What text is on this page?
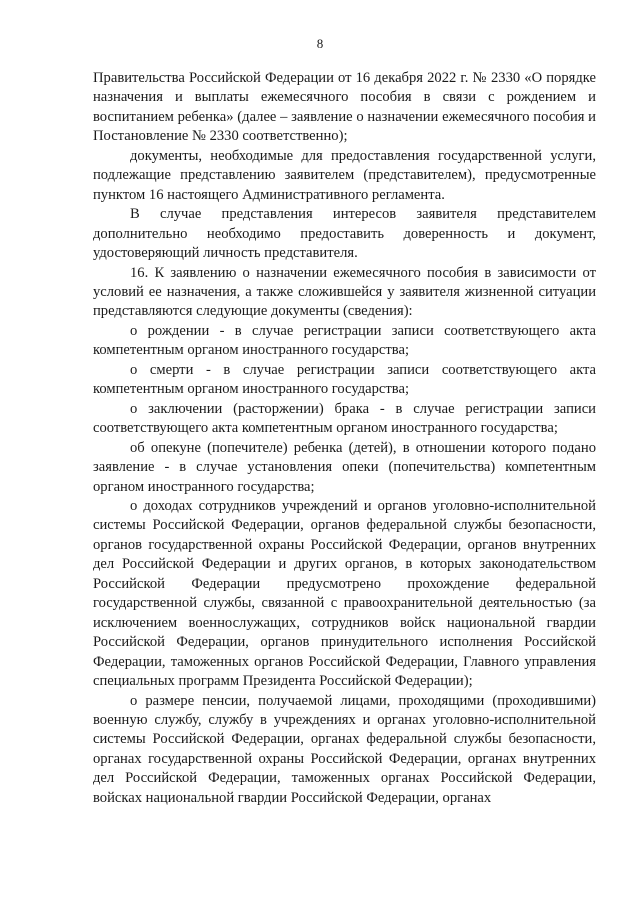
8

Правительства Российской Федерации от 16 декабря 2022 г. № 2330 «О порядке назначения и выплаты ежемесячного пособия в связи с рождением и воспитанием ребенка» (далее – заявление о назначении ежемесячного пособия и Постановление № 2330 соответственно);

документы, необходимые для предоставления государственной услуги, подлежащие представлению заявителем (представителем), предусмотренные пунктом 16 настоящего Административного регламента.

В случае представления интересов заявителя представителем дополнительно необходимо предоставить доверенность и документ, удостоверяющий личность представителя.

16. К заявлению о назначении ежемесячного пособия в зависимости от условий ее назначения, а также сложившейся у заявителя жизненной ситуации представляются следующие документы (сведения):

о рождении - в случае регистрации записи соответствующего акта компетентным органом иностранного государства;

о смерти - в случае регистрации записи соответствующего акта компетентным органом иностранного государства;

о заключении (расторжении) брака - в случае регистрации записи соответствующего акта компетентным органом иностранного государства;

об опекуне (попечителе) ребенка (детей), в отношении которого подано заявление - в случае установления опеки (попечительства) компетентным органом иностранного государства;

о доходах сотрудников учреждений и органов уголовно-исполнительной системы Российской Федерации, органов федеральной службы безопасности, органов государственной охраны Российской Федерации, органов внутренних дел Российской Федерации и других органов, в которых законодательством Российской Федерации предусмотрено прохождение федеральной государственной службы, связанной с правоохранительной деятельностью (за исключением военнослужащих, сотрудников войск национальной гвардии Российской Федерации, органов принудительного исполнения Российской Федерации, таможенных органов Российской Федерации, Главного управления специальных программ Президента Российской Федерации);

о размере пенсии, получаемой лицами, проходящими (проходившими) военную службу, службу в учреждениях и органах уголовно-исполнительной системы Российской Федерации, органах федеральной службы безопасности, органах государственной охраны Российской Федерации, органах внутренних дел Российской Федерации, таможенных органах Российской Федерации, войсках национальной гвардии Российской Федерации, органах
